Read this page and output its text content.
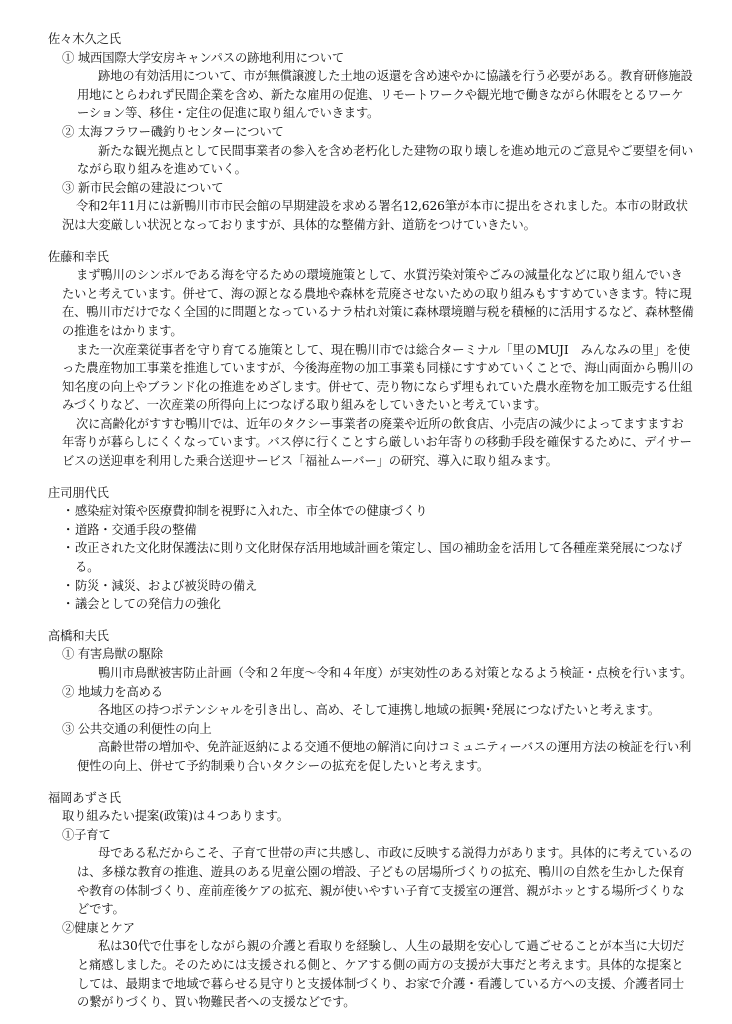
佐々木久之氏

① 城西国際大学安房キャンパスの跡地利用について

跡地の有効活用について、市が無償譲渡した土地の返還を含め速やかに協議を行う必要がある。教育研修施設用地にとらわれず民間企業を含め、新たな雇用の促進、リモートワークや観光地で働きながら休暇をとるワーケーション等、移住・定住の促進に取り組んでいきます。

② 太海フラワー磯釣りセンターについて

新たな観光拠点として民間事業者の参入を含め老朽化した建物の取り壊しを進め地元のご意見やご要望を伺いながら取り組みを進めていく。

③ 新市民会館の建設について

令和2年11月には新鴨川市市民会館の早期建設を求める署名12,626筆が本市に提出をされました。本市の財政状況は大変厳しい状況となっておりますが、具体的な整備方針、道筋をつけていきたい。

佐藤和幸氏

まず鴨川のシンボルである海を守るための環境施策として、水質汚染対策やごみの減量化などに取り組んでいきたいと考えています。併せて、海の源となる農地や森林を荒廃させないための取り組みもすすめていきます。特に現在、鴨川市だけでなく全国的に問題となっているナラ枯れ対策に森林環境贈与税を積極的に活用するなど、森林整備の推進をはかります。

また一次産業従事者を守り育てる施策として、現在鴨川市では総合ターミナル「里のMUJI　みんなみの里」を使った農産物加工事業を推進していますが、今後海産物の加工事業も同様にすすめていくことで、海山両面から鴨川の知名度の向上やブランド化の推進をめざします。併せて、売り物にならず埋もれていた農水産物を加工販売する仕組みづくりなど、一次産業の所得向上につなげる取り組みをしていきたいと考えています。

次に高齢化がすすむ鴨川では、近年のタクシー事業者の廃業や近所の飲食店、小売店の減少によってますますお年寄りが暮らしにくくなっています。バス停に行くことすら厳しいお年寄りの移動手段を確保するために、デイサービスの送迎車を利用した乗合送迎サービス「福祉ムーバー」の研究、導入に取り組みます。

庄司朋代氏

・感染症対策や医療費抑制を視野に入れた、市全体での健康づくり

・道路・交通手段の整備

・改正された文化財保護法に則り文化財保存活用地域計画を策定し、国の補助金を活用して各種産業発展につなげる。

・防災・減災、および被災時の備え

・議会としての発信力の強化

高橋和夫氏

① 有害鳥獣の駆除

鴨川市鳥獣被害防止計画（令和２年度〜令和４年度）が実効性のある対策となるよう検証・点検を行います。

② 地域力を高める

各地区の持つポテンシャルを引き出し、高め、そして連携し地域の振興･発展につなげたいと考えます。

③ 公共交通の利便性の向上

高齢世帯の増加や、免許証返納による交通不便地の解消に向けコミュニティーバスの運用方法の検証を行い利便性の向上、併せて予約制乗り合いタクシーの拡充を促したいと考えます。

福岡あずさ氏

取り組みたい提案(政策)は４つあります。

①子育て

母である私だからこそ、子育て世帯の声に共感し、市政に反映する説得力があります。具体的に考えているのは、多様な教育の推進、遊具のある児童公園の増設、子どもの居場所づくりの拡充、鴨川の自然を生かした保育や教育の体制づくり、産前産後ケアの拡充、親が使いやすい子育て支援室の運営、親がホッとする場所づくりなどです。

②健康とケア

私は30代で仕事をしながら親の介護と看取りを経験し、人生の最期を安心して過ごせることが本当に大切だと痛感しました。そのためには支援される側と、ケアする側の両方の支援が大事だと考えます。具体的な提案としては、最期まで地域で暮らせる見守りと支援体制づくり、お家で介護・看護している方への支援、介護者同士の繋がりづくり、買い物難民者への支援などです。
